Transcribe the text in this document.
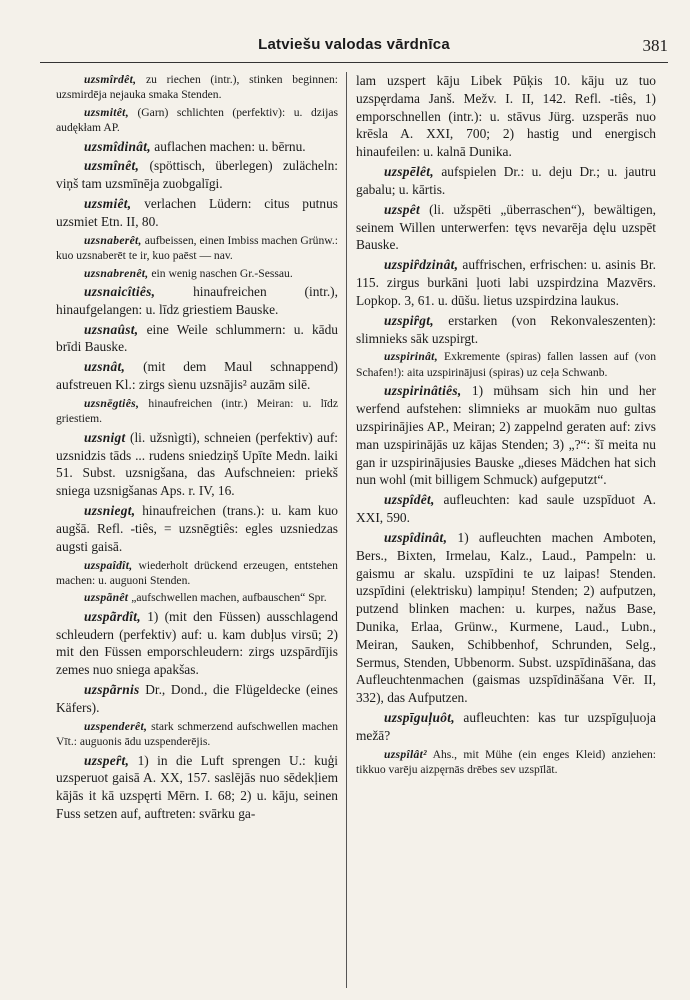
Latviešu valodas vārdnīca	381

uzsmîrdêt, zu riechen (intr.), stinken beginnen: uzsmirdēja nejauka smaka Stenden.

uzsmitêt, (Garn) schlichten (perfektiv): u. dzijas audękłam AP.

uzsmîdinât, auflachen machen: u. bērnu.

uzsmînêt, (spöttisch, überlegen) zulächeln: viņš tam uzsmīnēja zuobgalīgi.

uzsmiêt, verlachen Lüdern: citus putnus uzsmiet Etn. II, 80.

uzsnaberêt, aufbeissen, einen Imbiss machen Grünw.: kuo uzsnaberēt te ir, kuo paēst — nav.

uzsnabrenêt, ein wenig naschen Gr.-Sessau.

uzsnaicîtiês,	hinaufreichen (intr.), hinaufgelangen: u. līdz griestiem Bauske.

uzsnaûst, eine Weile schlummern: u. kādu brīdi Bauske.

uzsnât, (mit dem Maul schnappend) aufstreuen Kl.: zirgs sìenu uzsnājis² auzām silē.

uzsnēgtiês, hinaufreichen (intr.) Meiran: u. līdz griestiem.

uzsnigt (li. užsnìgti), schneien (perfektiv) auf: uzsnidzis tāds ... rudens sniedziņš Upīte Medn. laiki 51. Subst. uzsnigšana, das Aufschneien: priekš sniega uzsnigšanas Aps. r. IV, 16.

uzsniegt, hinaufreichen (trans.): u. kam kuo augšā. Refl. -tiês, = uzsnēgtiês: egles uzsniedzas augsti gaisā.

uzspaîdît, wiederholt drückend erzeugen, entstehen machen: u. auguoni Stenden.

uzspãnêt „aufschwellen machen, aufbauschen“ Spr.

uzspãrdît, 1) (mit den Füssen) ausschlagend schleudern (perfektiv) auf: u. kam dubļus virsū; 2) mit den Füssen emporschleudern: zirgs uzspārdījis zemes nuo sniega apakšas.

uzspãrnis Dr., Dond., die Flügeldecke (eines Käfers).

uzspenderêt, stark schmerzend aufschwellen machen Vīt.: auguonis ādu uzspenderējis.

uzspeȓt, 1) in die Luft sprengen U.: kuģi uzsperuot gaisā A. XX, 157. saslējās nuo sēdekļiem kājās it kā uzspęrti Mērn. I. 68; 2) u. kāju, seinen Fuss setzen auf, auftreten: svārku ga-

lam uzspert kāju Libek Pūķis 10. kāju uz tuo uzspęrdama Janš. Mežv. I. II, 142. Refl. -tiês, 1) emporschnellen (intr.): u. stāvus Jürg. uzsperās nuo krēsla A. XXI, 700; 2) hastig und energisch hinaufeilen: u. kalnā Dunika.

uzspēlêt, aufspielen Dr.: u. deju Dr.; u. jautru gabalu; u. kārtis.

uzspêt (li. užspēti „überraschen“), bewältigen, seinem Willen unterwerfen: tęvs nevarēja dęlu uzspēt Bauske.

uzspiȓdzinât, auffrischen, erfrischen: u. asinis Br. 115. zirgus burkāni ļuoti labi uzspirdzina Mazvērs. Lopkop. 3, 61. u. dūšu. lietus uzspirdzina laukus.

uzspiȓgt, erstarken (von Rekonvaleszenten): slimnieks sāk uzspirgt.

uzspirinât, Exkremente (spiras) fallen lassen auf (von Schafen!): aita uzspirinājusi (spiras) uz ceļa Schwanb.

uzspirinâtiês, 1) mühsam sich hin und her werfend aufstehen: slimnieks ar muokām nuo gultas uzspirinājies AP., Meiran; 2) zappelnd geraten auf: zivs man uzspirinājās uz kājas Stenden; 3) „?“: šī meita nu gan ir uzspirinājusies Bauske „dieses Mädchen hat sich nun wohl (mit billigem Schmuck) aufgeputzt“.

uzspîdêt, aufleuchten: kad saule uzspīduot A. XXI, 590.

uzspîdinât, 1) aufleuchten machen Amboten, Bers., Bixten, Irmelau, Kalz., Laud., Pampeln: u. gaismu ar skalu. uzspīdini te uz laipas! Stenden. uzspīdini (elektrisku) lampiņu! Stenden; 2) aufputzen, putzend blinken machen: u. kurpes, nažus Base, Dunika, Erlaa, Grünw., Kurmene, Laud., Lubn., Meiran, Sauken, Schibbenhof, Schrunden, Selg., Sermus, Stenden, Ubbenorm. Subst. uzspīdināšana, das Aufleuchtenmachen (gaismas uzspīdināšana Vēr. II, 332), das Aufputzen.

uzspīguļuôt, aufleuchten: kas tur uzspīguļuoja mežā?

uzspîlât² Ahs., mit Mühe (ein enges Kleid) anziehen: tikkuo varēju aizpęrnās drēbes sev uzspīlāt.
